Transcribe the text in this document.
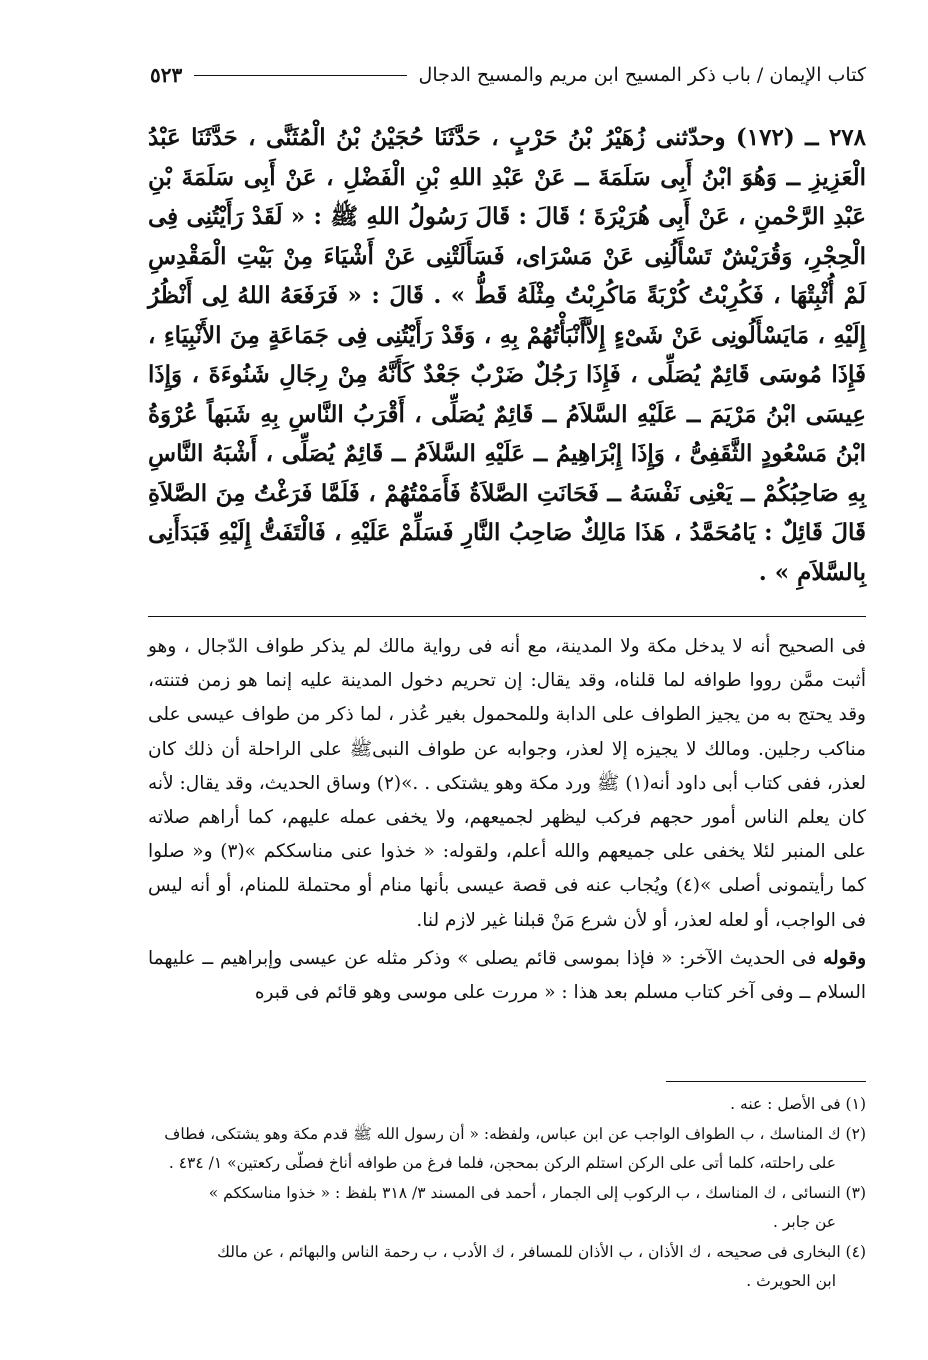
كتاب الإيمان / باب ذكر المسيح ابن مريم والمسيح الدجال
٥٢٣

٢٧٨ ــ (١٧٢) وحدّثنى زُهَيْرُ بْنُ حَرْبٍ ، حَدَّثَنَا حُجَيْنُ بْنُ الْمُثَنَّى ، حَدَّثَنَا عَبْدُ الْعَزِيزِ ــ وَهُوَ ابْنُ أَبِى سَلَمَةَ ــ عَنْ عَبْدِ اللهِ بْنِ الْفَضْلِ ، عَنْ أَبِى سَلَمَةَ بْنِ عَبْدِ الرَّحْمنِ ، عَنْ أَبِى هُرَيْرَةَ ؛ قَالَ : قَالَ رَسُولُ اللهِ ﷺ : « لَقَدْ رَأَيْتُنِى فِى الْحِجْرِ، وَقُرَيْشٌ تَسْأَلُنِى عَنْ مَسْرَاى، فَسَأَلَتْنِى عَنْ أَشْيَاءَ مِنْ بَيْتِ الْمَقْدِسِ لَمْ أُثْبِتْهَا ، فَكُرِبْتُ كُرْبَةً مَاكُرِبْتُ مِثْلَهُ قَطُّ » . قَالَ : « فَرَفَعَهُ اللهُ لِى أَنْظُرُ إِلَيْهِ ، مَايَسْأَلُونِى عَنْ شَىْءٍ إِلاَّأَنْبَأْتُهُمْ بِهِ ، وَقَدْ رَأَيْتُنِى فِى جَمَاعَةٍ مِنَ الأَنْبِيَاءِ ، فَإِذَا مُوسَى قَائِمٌ يُصَلِّى ، فَإِذَا رَجُلٌ ضَرْبٌ جَعْدٌ كَأَنَّهُ مِنْ رِجَالِ شَنُوءَةَ ، وَإِذَا عِيسَى ابْنُ مَرْيَمَ ــ عَلَيْهِ السَّلاَمُ ــ قَائِمٌ يُصَلِّى ، أَقْرَبُ النَّاسِ بِهِ شَبَهاً عُرْوَةُ ابْنُ مَسْعُودٍ الثَّقَفِىُّ ، وَإِذَا إِبْرَاهِيمُ ــ عَلَيْهِ السَّلاَمُ ــ قَائِمٌ يُصَلِّى ، أَشْبَهُ النَّاسِ بِهِ صَاحِبُكُمْ ــ يَعْنِى نَفْسَهُ ــ فَحَانَتِ الصَّلاَةُ فَأَمَمْتُهُمْ ، فَلَمَّا فَرَغْتُ مِنَ الصَّلاَةِ قَالَ قَائِلٌ : يَامُحَمَّدُ ، هَذَا مَالِكٌ صَاحِبُ النَّارِ فَسَلِّمْ عَلَيْهِ ، فَالْتَفَتُّ إِلَيْهِ فَبَدَأَنِى بِالسَّلاَمِ » .

فى الصحيح أنه لا يدخل مكة ولا المدينة، مع أنه فى رواية مالك لم يذكر طواف الدّجال ، وهو أثبت ممَّن رووا طوافه لما قلناه، وقد يقال: إن تحريم دخول المدينة عليه إنما هو زمن فتنته، وقد يحتج به من يجيز الطواف على الدابة وللمحمول بغير عُذر ، لما ذكر من طواف عيسى على مناكب رجلين. ومالك لا يجيزه إلا لعذر، وجوابه عن طواف النبىﷺ على الراحلة أن ذلك كان لعذر، ففى كتاب أبى داود أنه(١) ﷺ ورد مكة وهو يشتكى . .»(٢) وساق الحديث، وقد يقال: لأنه كان يعلم الناس أمور حجهم فركب ليظهر لجميعهم، ولا يخفى عمله عليهم، كما أراهم صلاته على المنبر لئلا يخفى على جميعهم والله أعلم، ولقوله: « خذوا عنى مناسككم »(٣) و« صلوا كما رأيتمونى أصلى »(٤) ويُجاب عنه فى قصة عيسى بأنها منام أو محتملة للمنام، أو أنه ليس فى الواجب، أو لعله لعذر، أو لأن شرع مَنْ قبلنا غير لازم لنا.

وقوله فى الحديث الآخر: « فإذا بموسى قائم يصلى » وذكر مثله عن عيسى وإبراهيم ــ عليهما السلام ــ وفى آخر كتاب مسلم بعد هذا : « مررت على موسى وهو قائم فى قبره

(١) فى الأصل : عنه .

(٢) ك المناسك ، ب الطواف الواجب عن ابن عباس، ولفظه: « أن رسول الله ﷺ قدم مكة وهو يشتكى، فطاف

على راحلته، كلما أتى على الركن استلم الركن بمحجن، فلما فرغ من طوافه أناخ فصلّى ركعتين» ١/ ٤٣٤ .

(٣) النسائى ، ك المناسك ، ب الركوب إلى الجمار ، أحمد فى المسند ٣/ ٣١٨ بلفظ : « خذوا مناسككم »

عن جابر .

(٤) البخارى فى صحيحه ، ك الأذان ، ب الأذان للمسافر ، ك الأدب ، ب رحمة الناس والبهائم ، عن مالك

ابن الحويرث .
